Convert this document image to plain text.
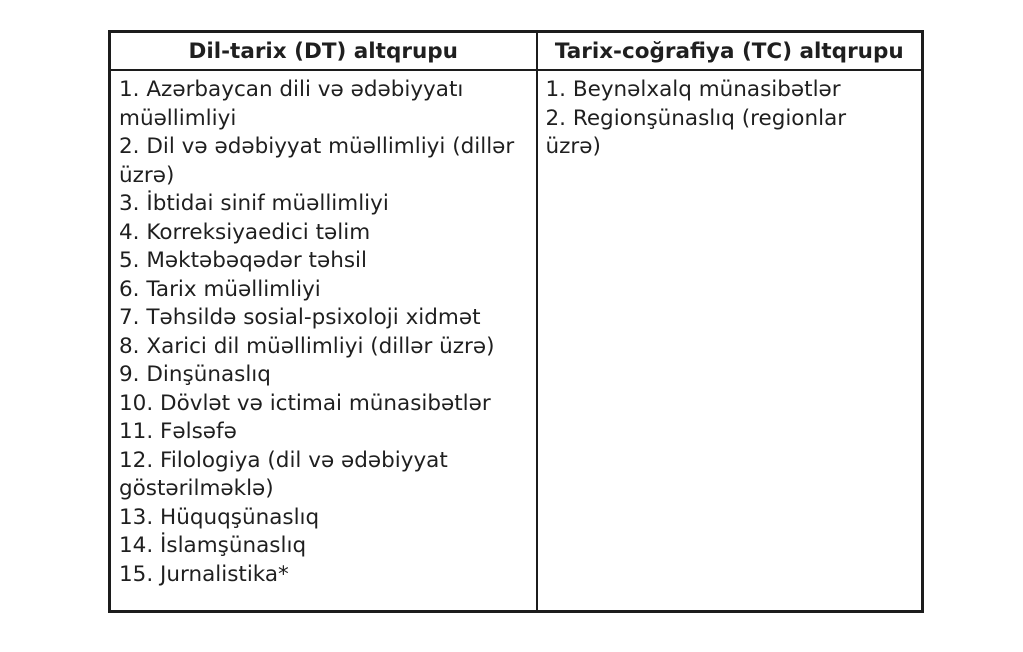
Dil-tarix (DT) altqrupu	Tarix-coğrafiya (TC) altqrupu

1. Azərbaycan dili və ədəbiyyatı müəllimliyi
2. Dil və ədəbiyyat müəllimliyi (dillər üzrə)
3. İbtidai sinif müəllimliyi
4. Korreksiyaedici təlim
5. Məktəbəqədər təhsil
6. Tarix müəllimliyi
7. Təhsildə sosial-psixoloji xidmət
8. Xarici dil müəllimliyi (dillər üzrə)
9. Dinşünaslıq
10. Dövlət və ictimai münasibətlər
11. Fəlsəfə
12. Filologiya (dil və ədəbiyyat göstərilməklə)
13. Hüquqşünaslıq
14. İslamşünaslıq
15. Jurnalistika*

1. Beynəlxalq münasibətlər
2. Regionşünaslıq (regionlar üzrə)
